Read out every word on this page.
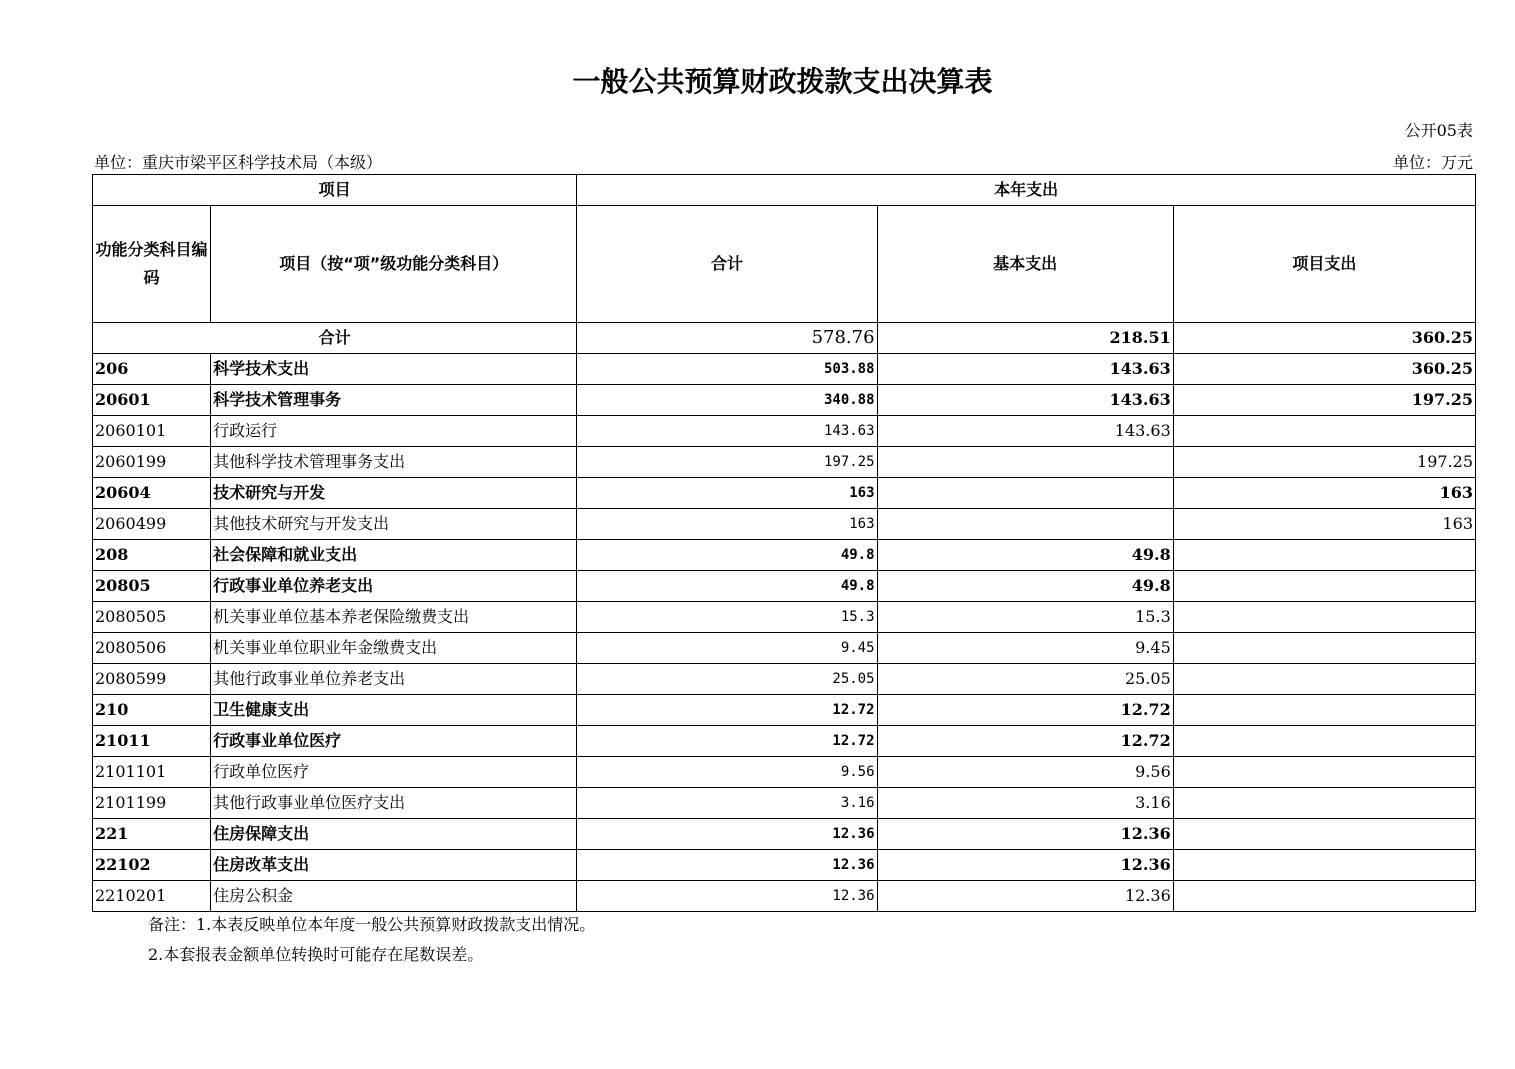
一般公共预算财政拨款支出决算表
公开05表
单位：重庆市梁平区科学技术局（本级）	单位：万元
项目		本年支出		
功能分类科目编码	项目（按“项”级功能分类科目）	合计	基本支出	项目支出
合计		578.76	218.51	360.25
206	科学技术支出	503.88	143.63	360.25
20601	科学技术管理事务	340.88	143.63	197.25
2060101	行政运行	143.63	143.63	
2060199	其他科学技术管理事务支出	197.25		197.25
20604	技术研究与开发	163		163
2060499	其他技术研究与开发支出	163		163
208	社会保障和就业支出	49.8	49.8	
20805	行政事业单位养老支出	49.8	49.8	
2080505	机关事业单位基本养老保险缴费支出	15.3	15.3	
2080506	机关事业单位职业年金缴费支出	9.45	9.45	
2080599	其他行政事业单位养老支出	25.05	25.05	
210	卫生健康支出	12.72	12.72	
21011	行政事业单位医疗	12.72	12.72	
2101101	行政单位医疗	9.56	9.56	
2101199	其他行政事业单位医疗支出	3.16	3.16	
221	住房保障支出	12.36	12.36	
22102	住房改革支出	12.36	12.36	
2210201	住房公积金	12.36	12.36	
备注：1.本表反映单位本年度一般公共预算财政拨款支出情况。
2.本套报表金额单位转换时可能存在尾数误差。
